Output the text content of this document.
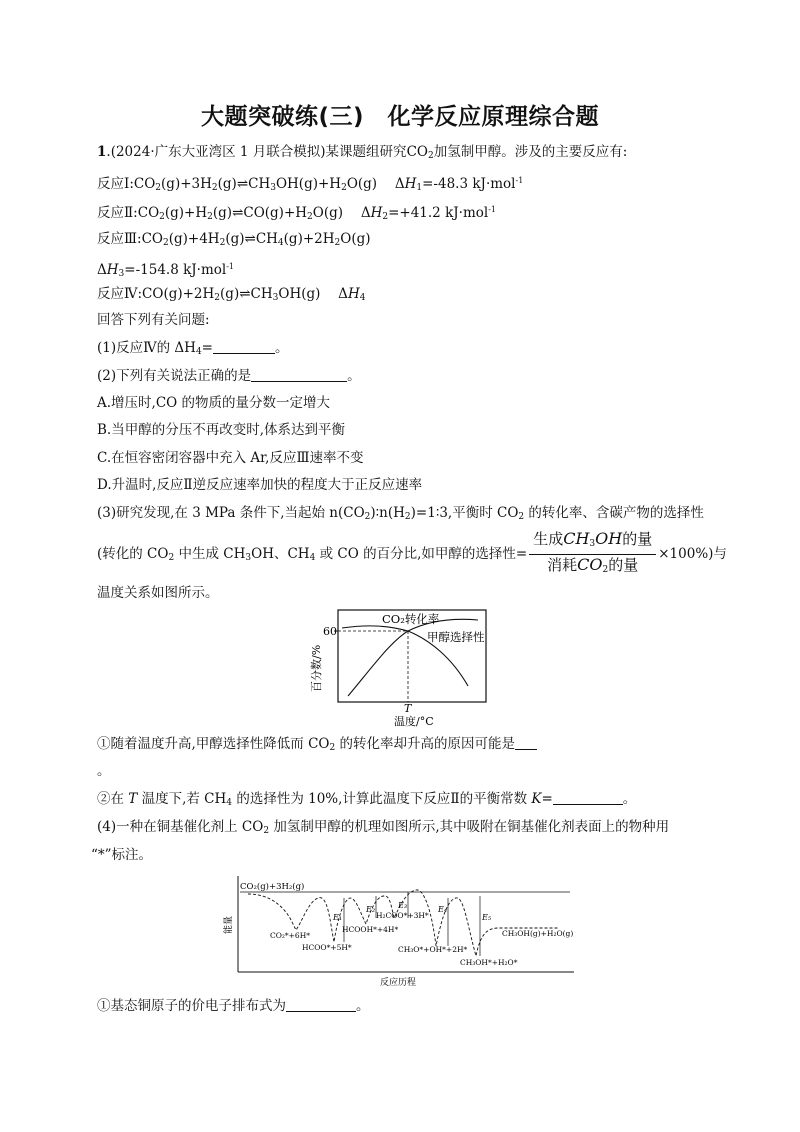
大题突破练(三)　化学反应原理综合题
1.(2024·广东大亚湾区 1 月联合模拟)某课题组研究$CO_2$加氢制甲醇。涉及的主要反应有:
反应$Ⅰ:CO_2(g)+3H_2(g)\rightleftharpoons CH_3OH(g)+H_2O(g)$　 $\Delta H_1=-48.3$ kJ·mol$^{-1}$
反应$Ⅱ:CO_2(g)+H_2(g)\rightleftharpoons CO(g)+H_2O(g)$　 $\Delta H_2=+41.2$ kJ·mol$^{-1}$
反应$Ⅲ:CO_2(g)+4H_2(g)\rightleftharpoons CH_4(g)+2H_2O(g)$
$\Delta H_3=-154.8$ kJ·mol$^{-1}$
反应$Ⅳ:CO(g)+2H_2(g)\rightleftharpoons CH_3OH(g)$　 $\Delta H_4$
回答下列有关问题:
(1)反应Ⅳ的 $\Delta H_4=$	。
(2)下列有关说法正确的是	。
A.增压时,CO 的物质的量分数一定增大
B.当甲醇的分压不再改变时,体系达到平衡
C.在恒容密闭容器中充入 Ar,反应Ⅲ速率不变
D.升温时,反应Ⅱ逆反应速率加快的程度大于正反应速率
(3)研究发现,在 3 MPa 条件下,当起始 $n(CO_2)∶n(H_2)=1∶3$,平衡时 $CO_2$ 的转化率、含碳产物的选择性
(转化的 $CO_2$ 中生成 $CH_3OH$、$CH_4$ 或 CO 的百分比,如甲醇的选择性= $\frac{生成CH_3OH的量}{消耗CO_2的量} \times 100\%$)与
温度关系如图所示。
CO₂转化率
甲醇选择性
60
T
温度/°C
百分数/%
①随着温度升高,甲醇选择性降低而 $CO_2$ 的转化率却升高的原因可能是
。
②在 T 温度下,若 $CH_4$ 的选择性为 10%,计算此温度下反应Ⅱ的平衡常数 K=	。
(4)一种在铜基催化剂上 $CO_2$ 加氢制甲醇的机理如图所示,其中吸附在铜基催化剂表面上的物种用
“*”标注。
能量
反应历程
CO₂(g)+3H₂(g)
E₁
E₂	E₃	E₄
E₅
CO₂*+6H*
HCOO*+5H*
HCOOH*+4H*
H₂COO*+3H*
CH₃O*+OH*+2H*
CH₃OH*+H₂O*
CH₃OH(g)+H₂O(g)
①基态铜原子的价电子排布式为	。
